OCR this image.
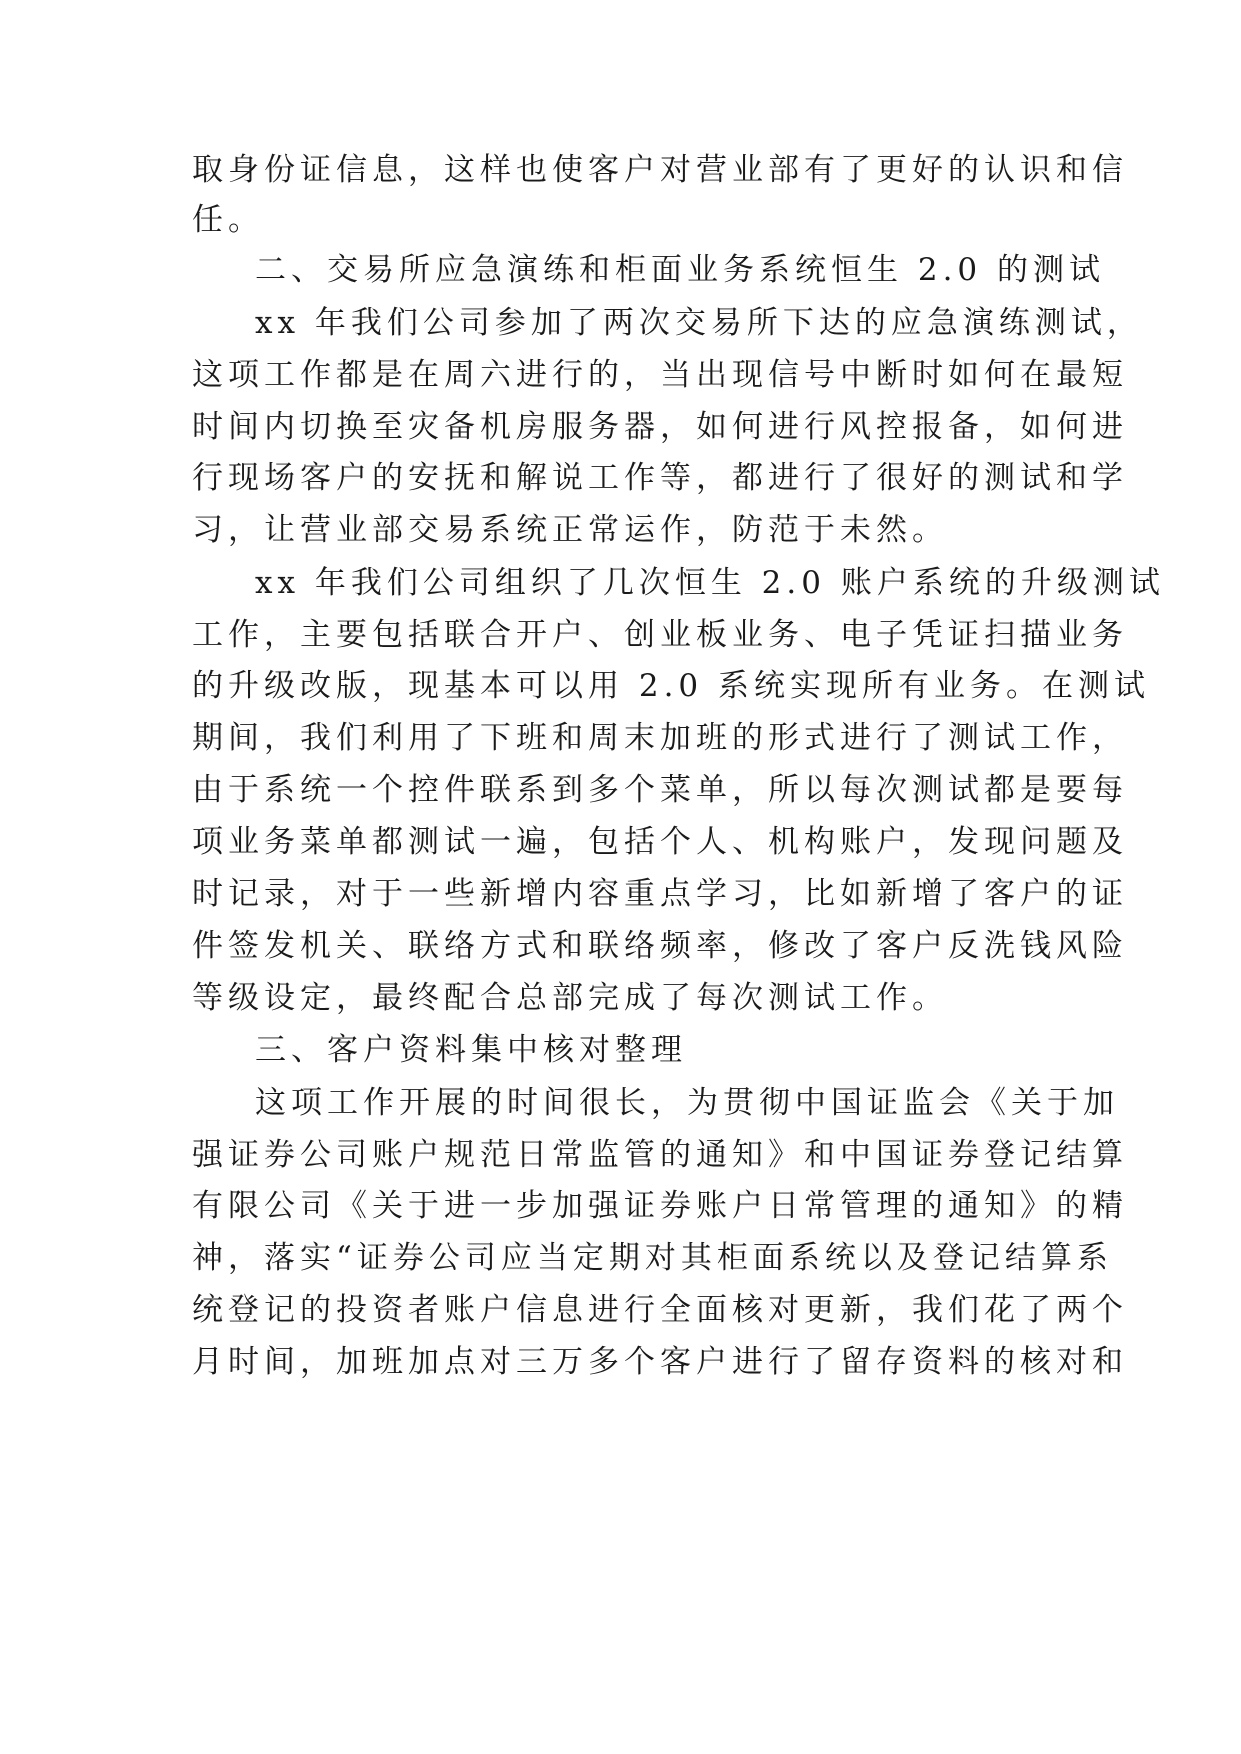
取身份证信息，这样也使客户对营业部有了更好的认识和信
任。
二、交易所应急演练和柜面业务系统恒生 2.0 的测试
xx 年我们公司参加了两次交易所下达的应急演练测试，
这项工作都是在周六进行的，当出现信号中断时如何在最短
时间内切换至灾备机房服务器，如何进行风控报备，如何进
行现场客户的安抚和解说工作等，都进行了很好的测试和学
习，让营业部交易系统正常运作，防范于未然。
xx 年我们公司组织了几次恒生 2.0 账户系统的升级测试
工作，主要包括联合开户、创业板业务、电子凭证扫描业务
的升级改版，现基本可以用 2.0 系统实现所有业务。在测试
期间，我们利用了下班和周末加班的形式进行了测试工作，
由于系统一个控件联系到多个菜单，所以每次测试都是要每
项业务菜单都测试一遍，包括个人、机构账户，发现问题及
时记录，对于一些新增内容重点学习，比如新增了客户的证
件签发机关、联络方式和联络频率，修改了客户反洗钱风险
等级设定，最终配合总部完成了每次测试工作。
三、客户资料集中核对整理
这项工作开展的时间很长，为贯彻中国证监会《关于加
强证券公司账户规范日常监管的通知》和中国证券登记结算
有限公司《关于进一步加强证券账户日常管理的通知》的精
神，落实“证券公司应当定期对其柜面系统以及登记结算系
统登记的投资者账户信息进行全面核对更新，我们花了两个
月时间，加班加点对三万多个客户进行了留存资料的核对和
